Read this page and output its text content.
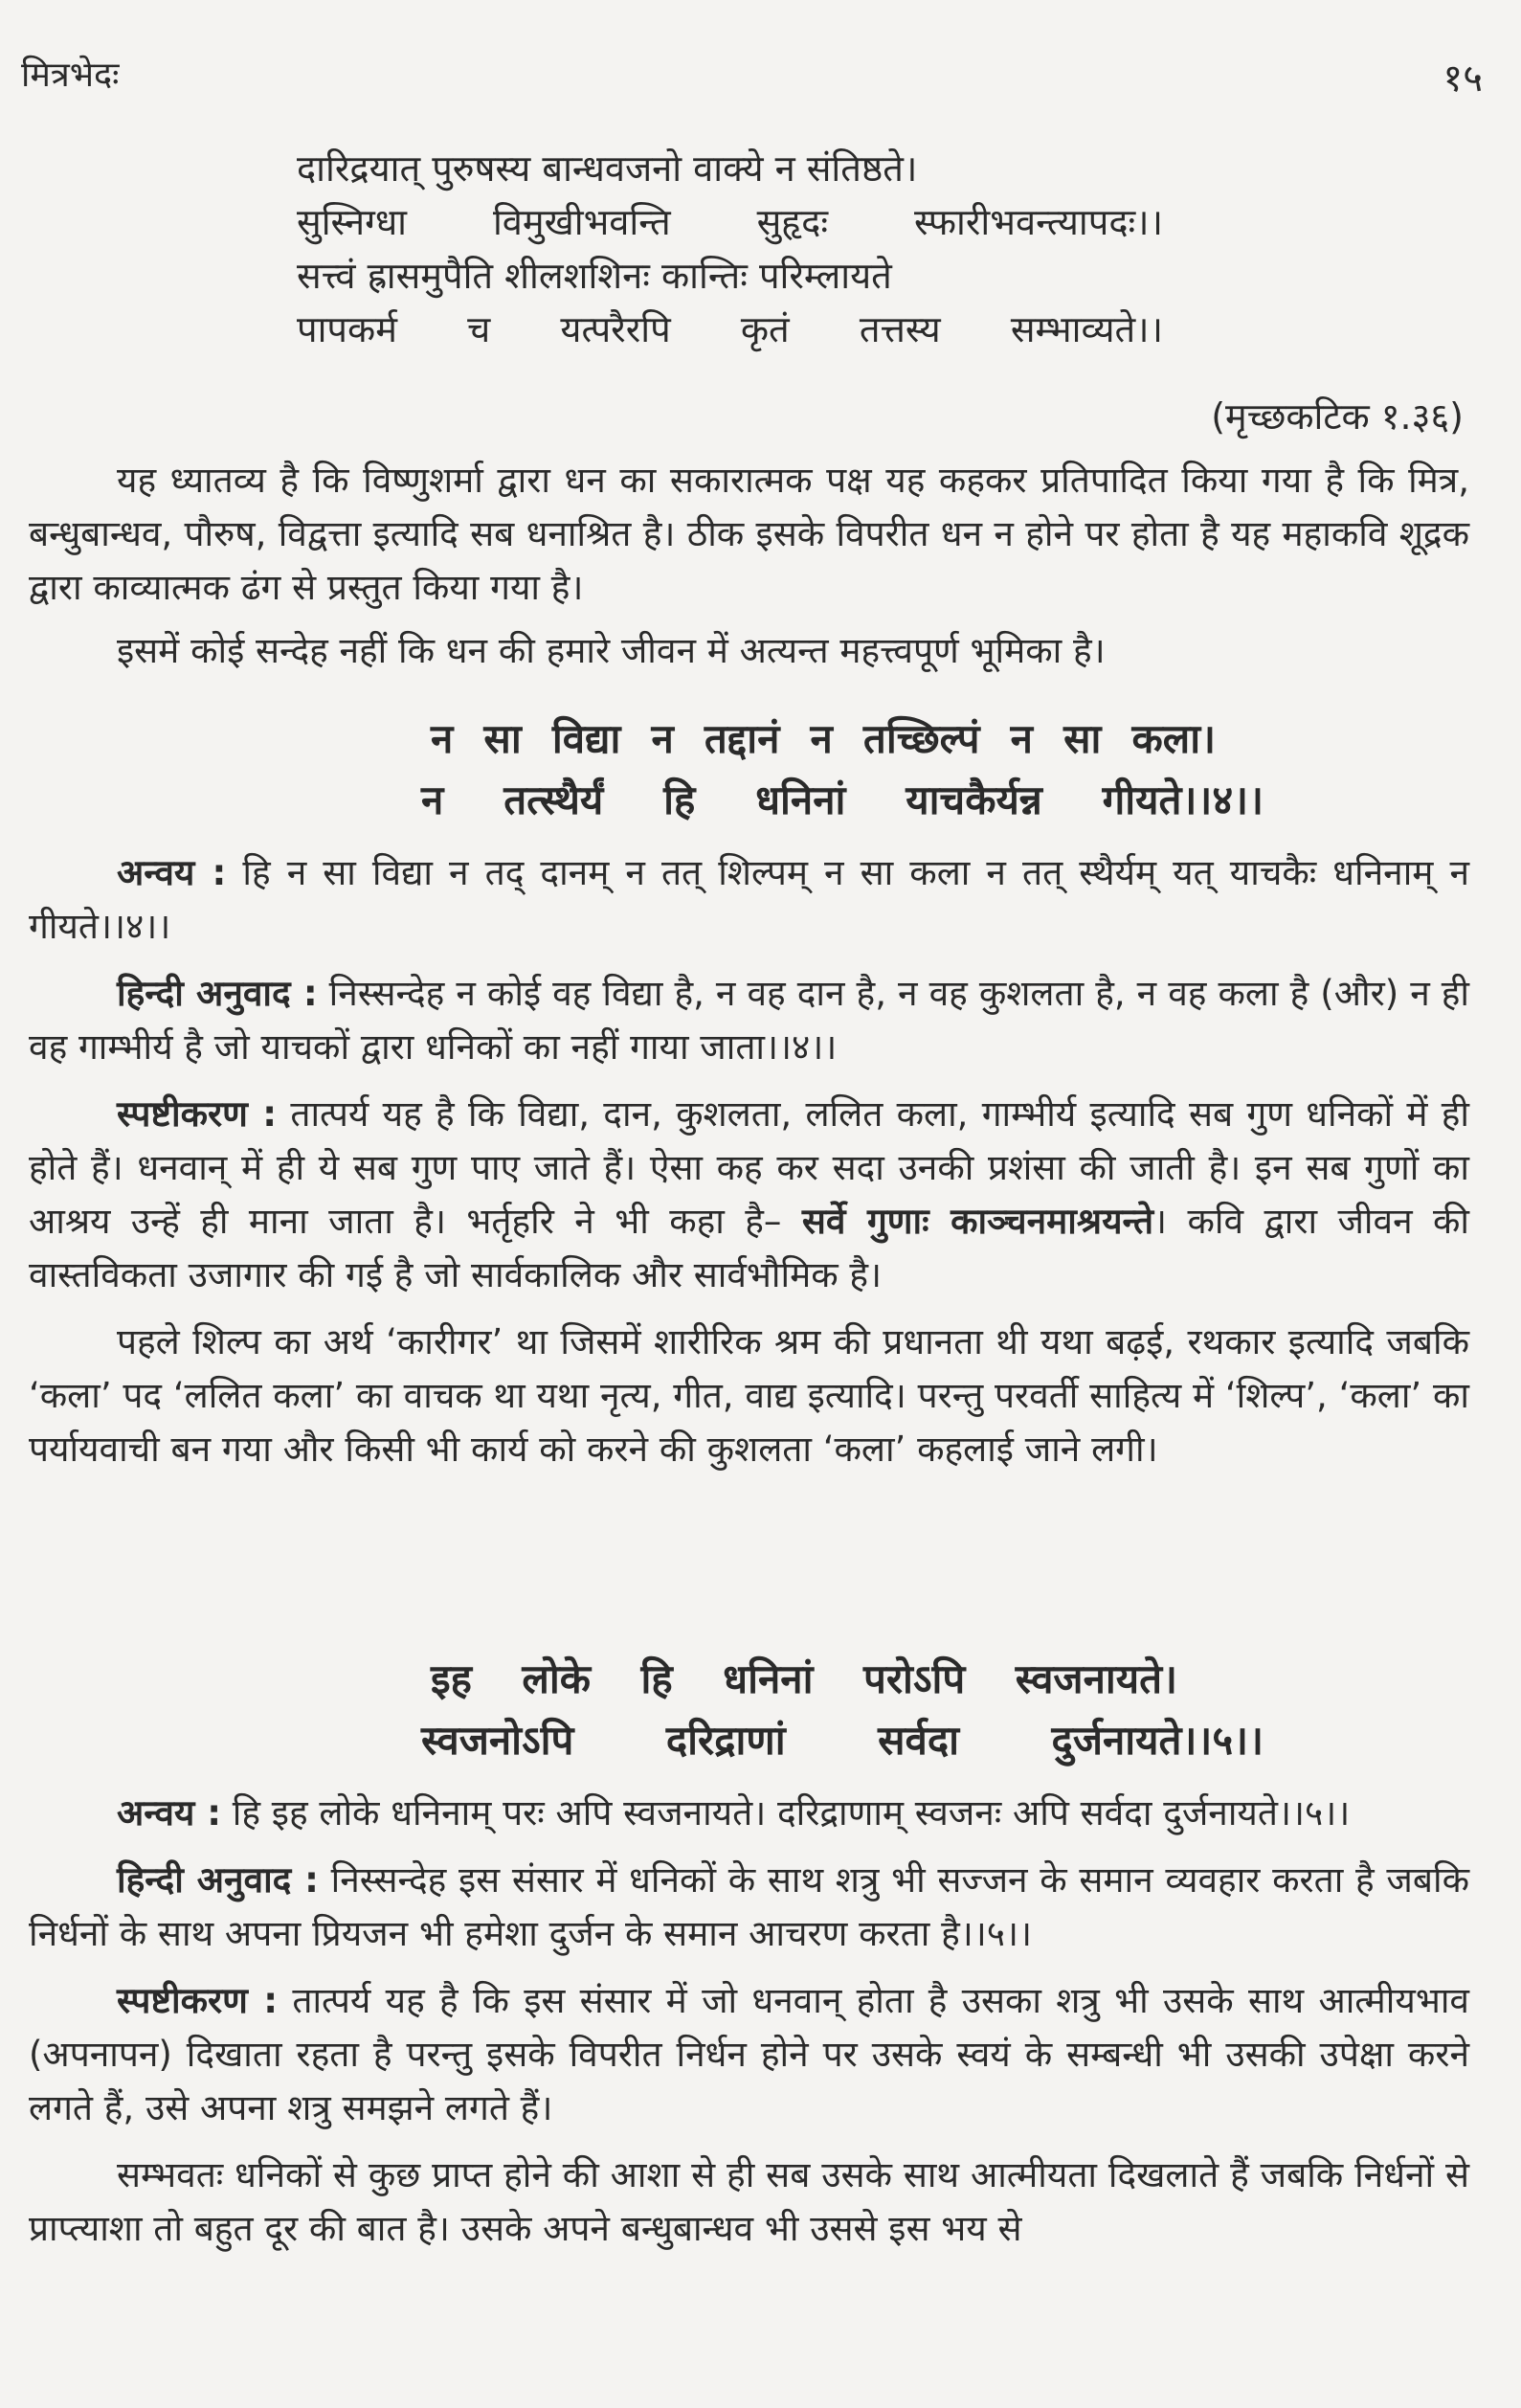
मित्रभेदः	१५
दारिद्रयात् पुरुषस्य बान्धवजनो वाक्ये न संतिष्ठते।
सुस्निग्धा विमुखीभवन्ति सुहृदः स्फारीभवन्त्यापदः।।
सत्त्वं ह्रासमुपैति शीलशशिनः कान्तिः परिम्लायते
पापकर्म च यत्परैरपि कृतं तत्तस्य सम्भाव्यते।।
(मृच्छकटिक १.३६)

यह ध्यातव्य है कि विष्णुशर्मा द्वारा धन का सकारात्मक पक्ष यह कहकर प्रतिपादित किया गया है कि मित्र, बन्धुबान्धव, पौरुष, विद्वत्ता इत्यादि सब धनाश्रित है। ठीक इसके विपरीत धन न होने पर होता है यह महाकवि शूद्रक द्वारा काव्यात्मक ढंग से प्रस्तुत किया गया है।

इसमें कोई सन्देह नहीं कि धन की हमारे जीवन में अत्यन्त महत्त्वपूर्ण भूमिका है।

न सा विद्या न तद्दानं न तच्छिल्पं न सा कला।
न तत्स्थैर्यं हि धनिनां याचकैर्यन्न गीयते।।४।।

अन्वय : हि न सा विद्या न तद् दानम् न तत् शिल्पम् न सा कला न तत् स्थैर्यम् यत् याचकैः धनिनाम् न गीयते।।४।।

हिन्दी अनुवाद : निस्सन्देह न कोई वह विद्या है, न वह दान है, न वह कुशलता है, न वह कला है (और) न ही वह गाम्भीर्य है जो याचकों द्वारा धनिकों का नहीं गाया जाता।।४।।

स्पष्टीकरण : तात्पर्य यह है कि विद्या, दान, कुशलता, ललित कला, गाम्भीर्य इत्यादि सब गुण धनिकों में ही होते हैं। धनवान् में ही ये सब गुण पाए जाते हैं। ऐसा कह कर सदा उनकी प्रशंसा की जाती है। इन सब गुणों का आश्रय उन्हें ही माना जाता है। भर्तृहरि ने भी कहा है– सर्वे गुणाः काञ्चनमाश्रयन्ते। कवि द्वारा जीवन की वास्तविकता उजागार की गई है जो सार्वकालिक और सार्वभौमिक है।

पहले शिल्प का अर्थ ‘कारीगर’ था जिसमें शारीरिक श्रम की प्रधानता थी यथा बढ़ई, रथकार इत्यादि जबकि ‘कला’ पद ‘ललित कला’ का वाचक था यथा नृत्य, गीत, वाद्य इत्यादि। परन्तु परवर्ती साहित्य में ‘शिल्प’, ‘कला’ का पर्यायवाची बन गया और किसी भी कार्य को करने की कुशलता ‘कला’ कहलाई जाने लगी।

इह लोके हि धनिनां परोऽपि स्वजनायते।
स्वजनोऽपि दरिद्राणां सर्वदा दुर्जनायते।।५।।

अन्वय : हि इह लोके धनिनाम् परः अपि स्वजनायते। दरिद्राणाम् स्वजनः अपि सर्वदा दुर्जनायते।।५।।

हिन्दी अनुवाद : निस्सन्देह इस संसार में धनिकों के साथ शत्रु भी सज्जन के समान व्यवहार करता है जबकि निर्धनों के साथ अपना प्रियजन भी हमेशा दुर्जन के समान आचरण करता है।।५।।

स्पष्टीकरण : तात्पर्य यह है कि इस संसार में जो धनवान् होता है उसका शत्रु भी उसके साथ आत्मीयभाव (अपनापन) दिखाता रहता है परन्तु इसके विपरीत निर्धन होने पर उसके स्वयं के सम्बन्धी भी उसकी उपेक्षा करने लगते हैं, उसे अपना शत्रु समझने लगते हैं।

सम्भवतः धनिकों से कुछ प्राप्त होने की आशा से ही सब उसके साथ आत्मीयता दिखलाते हैं जबकि निर्धनों से प्राप्त्याशा तो बहुत दूर की बात है। उसके अपने बन्धुबान्धव भी उससे इस भय से
